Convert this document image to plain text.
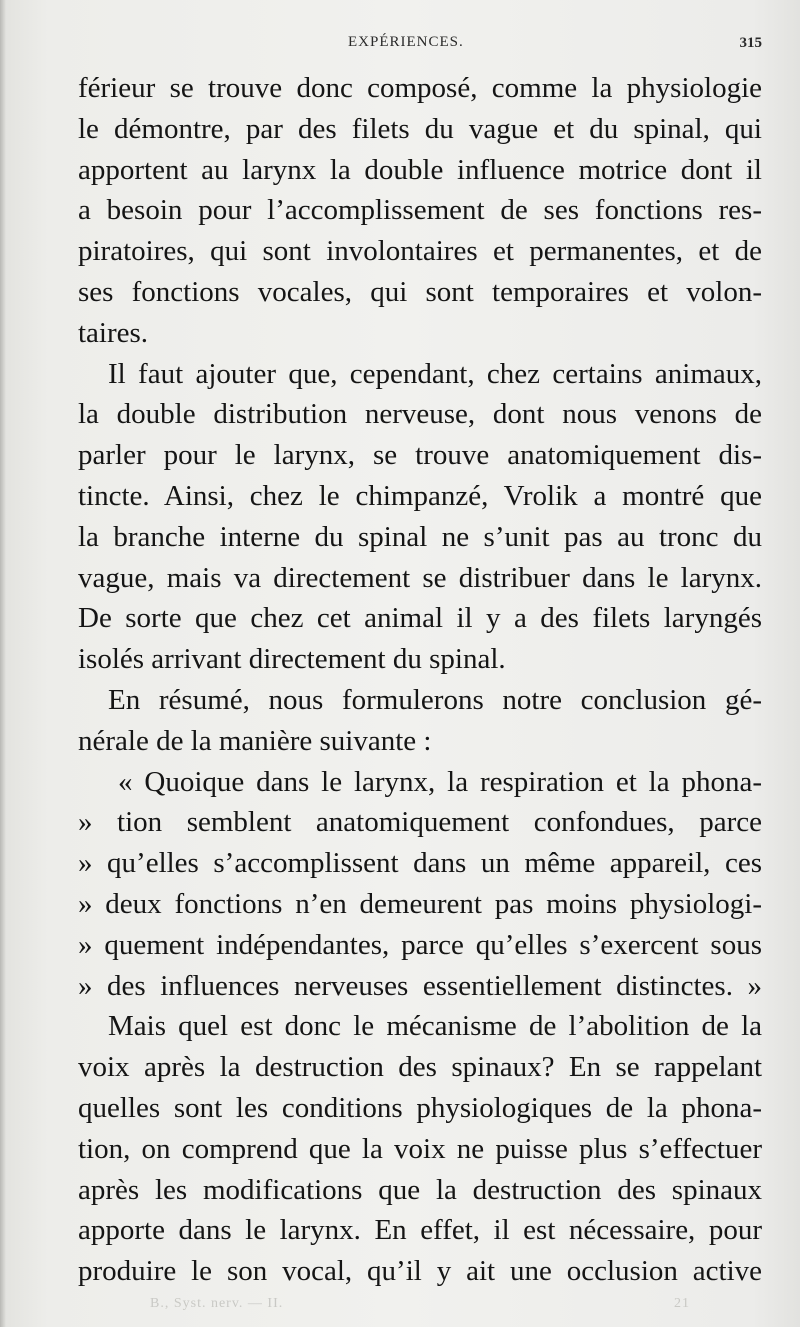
EXPÉRIENCES.	315
férieur se trouve donc composé, comme la physiologie
le démontre, par des filets du vague et du spinal, qui
apportent au larynx la double influence motrice dont il
a besoin pour l’accomplissement de ses fonctions res-
piratoires, qui sont involontaires et permanentes, et de
ses fonctions vocales, qui sont temporaires et volon-
taires.
Il faut ajouter que, cependant, chez certains animaux,
la double distribution nerveuse, dont nous venons de
parler pour le larynx, se trouve anatomiquement dis-
tincte. Ainsi, chez le chimpanzé, Vrolik a montré que
la branche interne du spinal ne s’unit pas au tronc du
vague, mais va directement se distribuer dans le larynx.
De sorte que chez cet animal il y a des filets laryngés
isolés arrivant directement du spinal.
En résumé, nous formulerons notre conclusion gé-
nérale de la manière suivante :
« Quoique dans le larynx, la respiration et la phona-
» tion semblent anatomiquement confondues, parce
» qu’elles s’accomplissent dans un même appareil, ces
» deux fonctions n’en demeurent pas moins physiologi-
» quement indépendantes, parce qu’elles s’exercent sous
» des influences nerveuses essentiellement distinctes. »
Mais quel est donc le mécanisme de l’abolition de la
voix après la destruction des spinaux? En se rappelant
quelles sont les conditions physiologiques de la phona-
tion, on comprend que la voix ne puisse plus s’effectuer
après les modifications que la destruction des spinaux
apporte dans le larynx. En effet, il est nécessaire, pour
produire le son vocal, qu’il y ait une occlusion active
B., Syst. nerv. — II.	21
